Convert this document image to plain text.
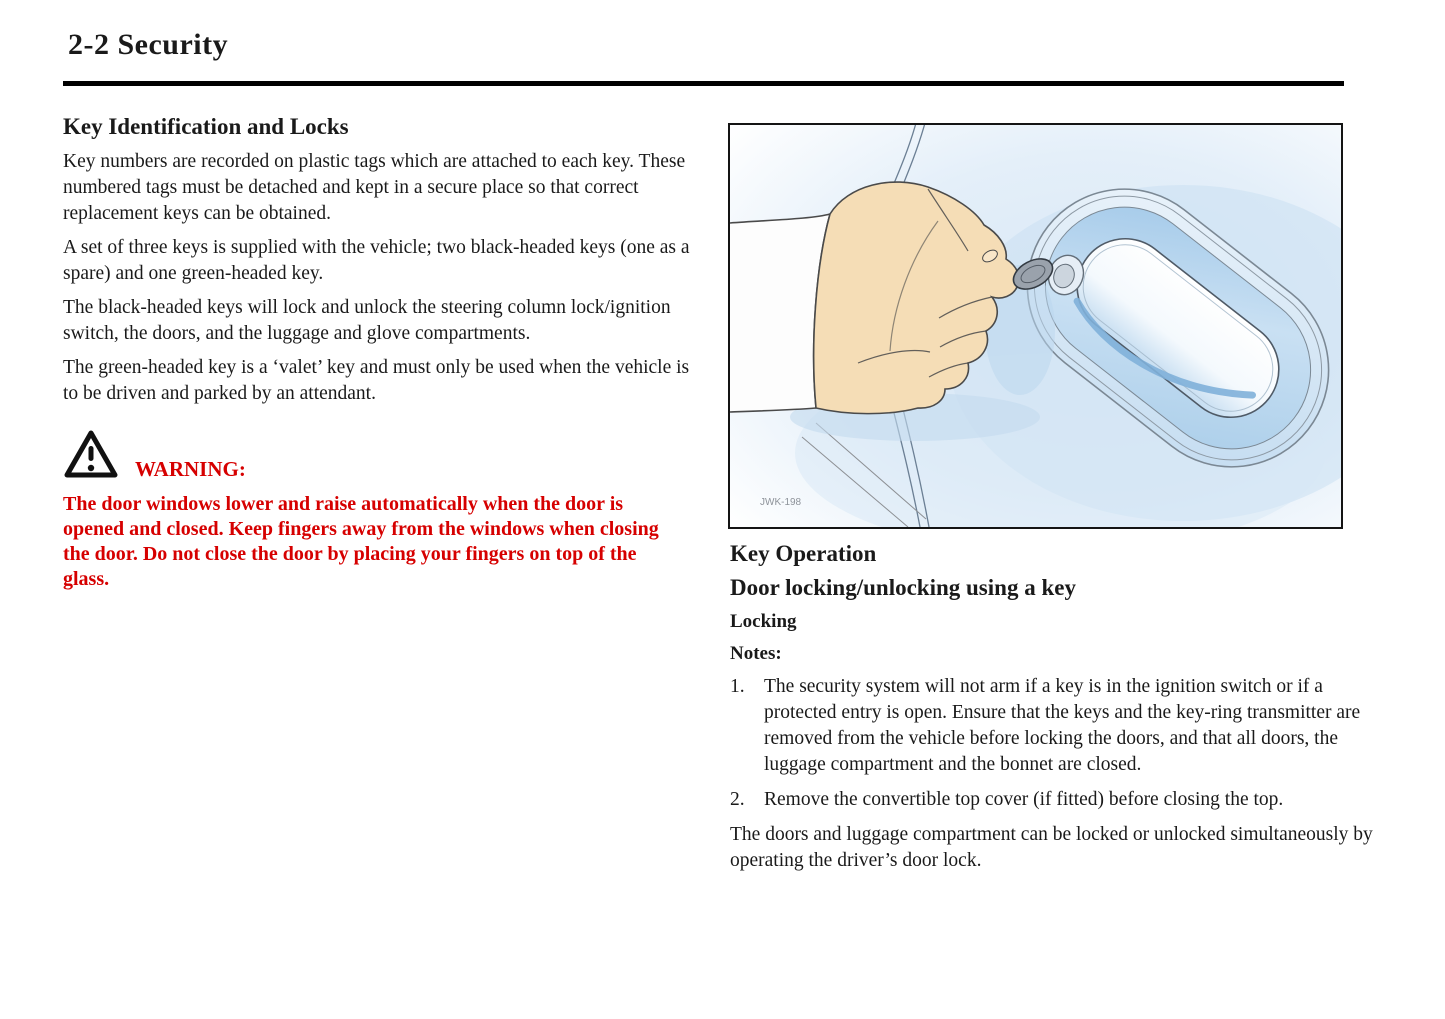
2-2 Security
Key Identification and Locks

Key numbers are recorded on plastic tags which are attached to each key. These numbered tags must be detached and kept in a secure place so that correct replacement keys can be obtained.

A set of three keys is supplied with the vehicle; two black-headed keys (one as a spare) and one green-headed key.

The black-headed keys will lock and unlock the steering column lock/ignition switch, the doors, and the luggage and glove compartments.

The green-headed key is a ‘valet’ key and must only be used when the vehicle is to be driven and parked by an attendant.

WARNING:

The door windows lower and raise automatically when the door is opened and closed. Keep fingers away from the windows when closing the door. Do not close the door by placing your fingers on top of the glass.

JWK-198
Key Operation
Door locking/unlocking using a key
Locking
Notes:
1. The security system will not arm if a key is in the ignition switch or if a protected entry is open. Ensure that the keys and the key-ring transmitter are removed from the vehicle before locking the doors, and that all doors, the luggage compartment and the bonnet are closed.
2. Remove the convertible top cover (if fitted) before closing the top.

The doors and luggage compartment can be locked or unlocked simultaneously by operating the driver’s door lock.
